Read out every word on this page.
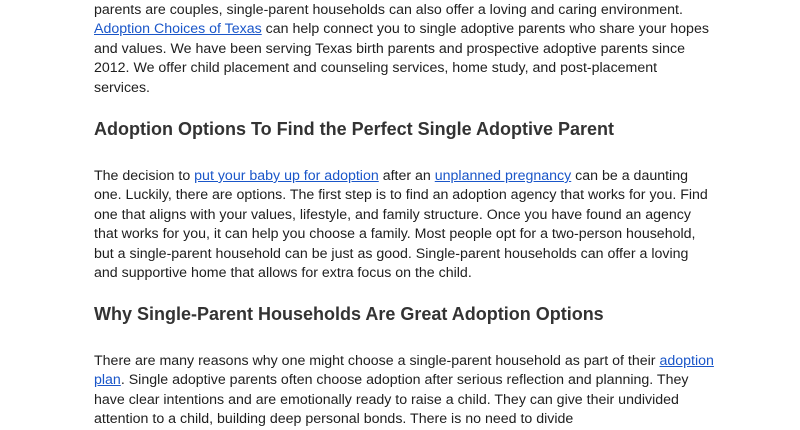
parents are couples, single-parent households can also offer a loving and caring environment.
Adoption Choices of Texas can help connect you to single adoptive parents who share your hopes and values. We have been serving Texas birth parents and prospective adoptive parents since 2012. We offer child placement and counseling services, home study, and post-placement services.

Adoption Options To Find the Perfect Single Adoptive Parent

The decision to put your baby up for adoption after an unplanned pregnancy can be a daunting one. Luckily, there are options. The first step is to find an adoption agency that works for you. Find one that aligns with your values, lifestyle, and family structure. Once you have found an agency that works for you, it can help you choose a family. Most people opt for a two-person household, but a single-parent household can be just as good. Single-parent households can offer a loving and supportive home that allows for extra focus on the child.

Why Single-Parent Households Are Great Adoption Options

There are many reasons why one might choose a single-parent household as part of their adoption plan. Single adoptive parents often choose adoption after serious reflection and planning. They have clear intentions and are emotionally ready to raise a child. They can give their undivided attention to a child, building deep personal bonds. There is no need to divide
